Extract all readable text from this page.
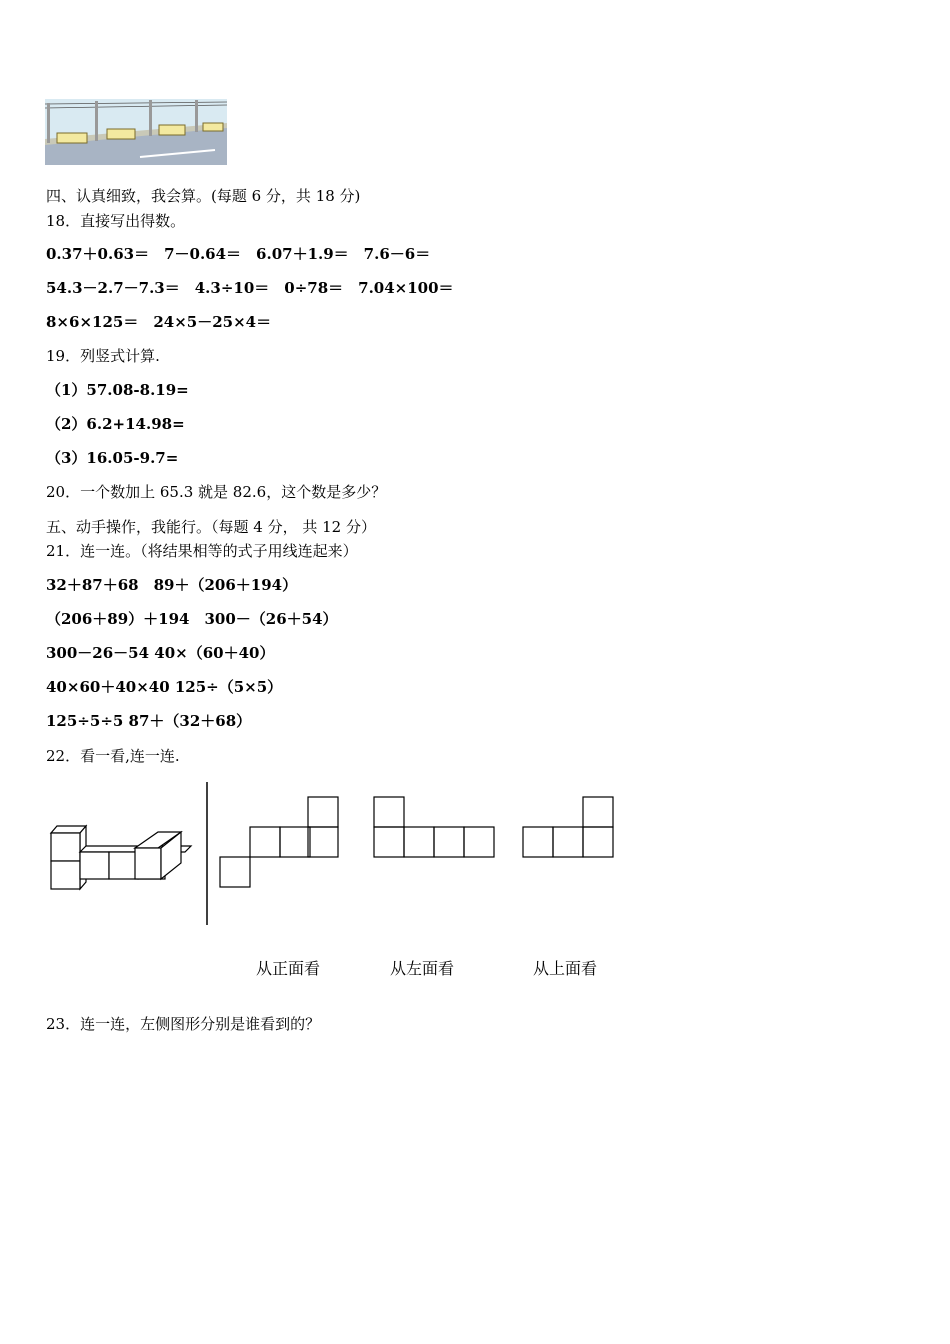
四、认真细致，我会算。(每题 6 分，共 18 分)
18．直接写出得数。
0.37＋0.63＝　7－0.64＝　6.07＋1.9＝　7.6－6＝
54.3－2.7－7.3＝　4.3÷10＝　0÷78＝　7.04×100＝
8×6×125＝　24×5－25×4＝
19．列竖式计算.
（1）57.08-8.19=
（2）6.2+14.98=
（3）16.05-9.7=
20．一个数加上 65.3 就是 82.6，这个数是多少？
五、动手操作，我能行。（每题 4 分， 共 12 分）
21．连一连。（将结果相等的式子用线连起来）
32＋87＋68　89＋（206＋194）
（206＋89）＋194　300－（26＋54）
300－26－54 40×（60＋40）
40×60＋40×40 125÷（5×5）
125÷5÷5 87＋（32＋68）
22．看一看,连一连.
从正面看	从左面看	从上面看
23．连一连，左侧图形分别是谁看到的？
